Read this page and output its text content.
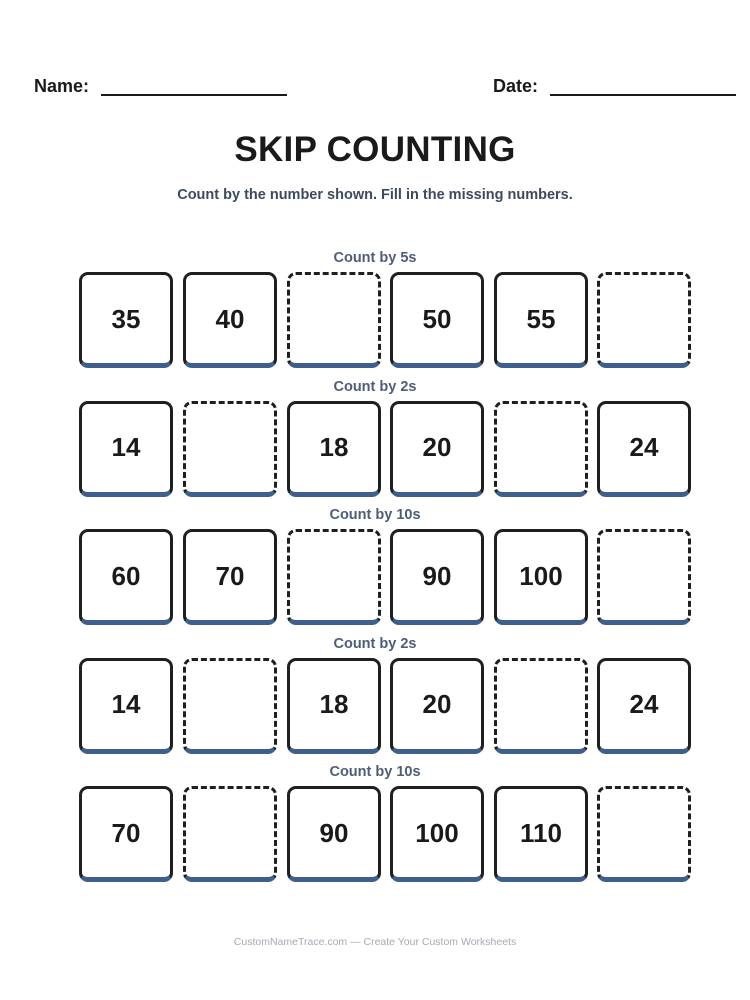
Name:	Date:
SKIP COUNTING
Count by the number shown. Fill in the missing numbers.
Count by 5s
35	40	50	55
Count by 2s
14	18	20	24
Count by 10s
60	70	90	100
Count by 2s
14	18	20	24
Count by 10s
70	90	100	110
CustomNameTrace.com — Create Your Custom Worksheets
